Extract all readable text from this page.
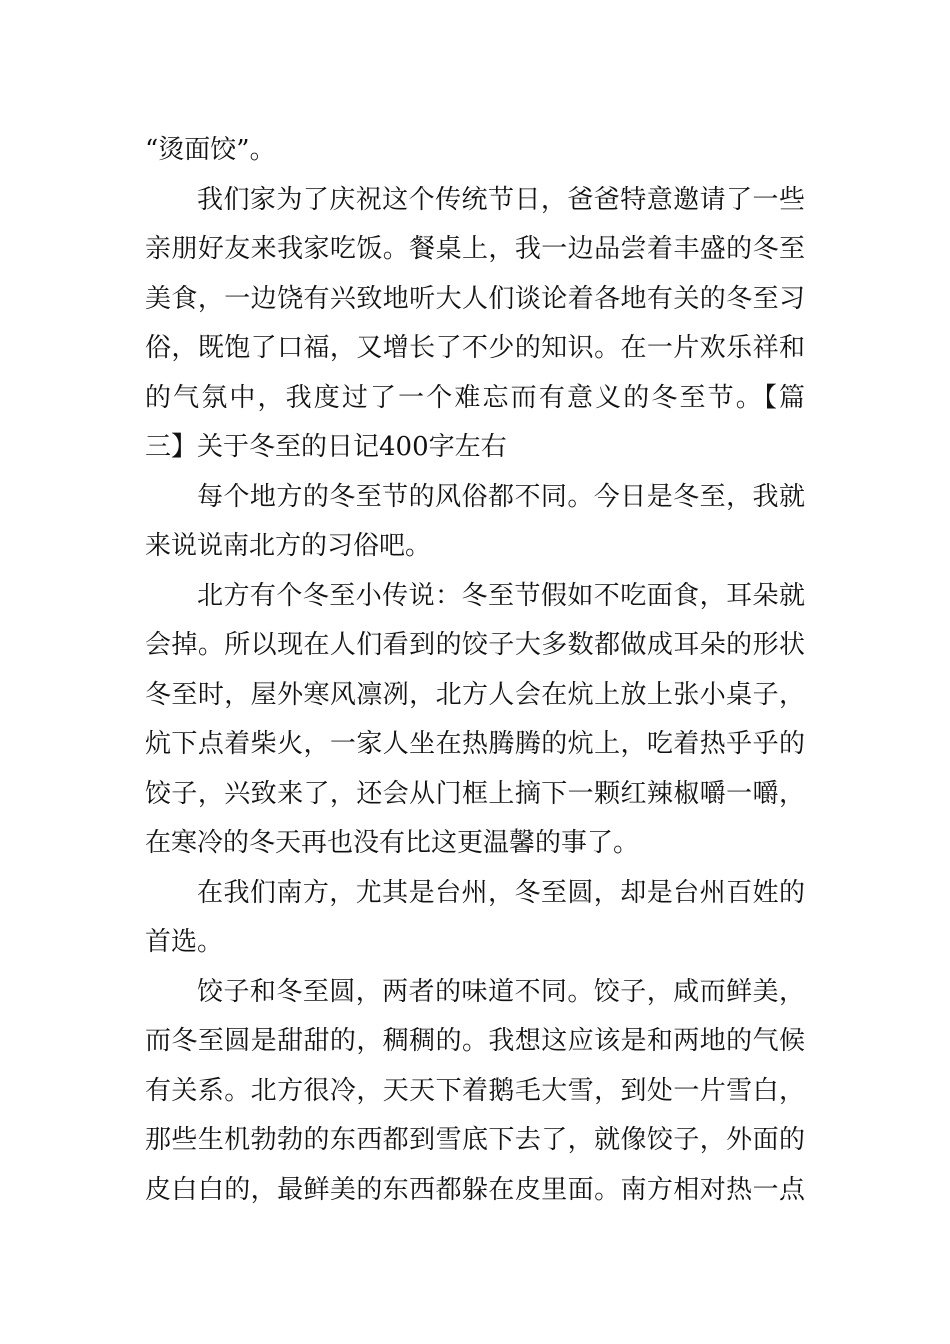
“烫面饺”。
我们家为了庆祝这个传统节日，爸爸特意邀请了一些
亲朋好友来我家吃饭。餐桌上，我一边品尝着丰盛的冬至
美食，一边饶有兴致地听大人们谈论着各地有关的冬至习
俗，既饱了口福，又增长了不少的知识。在一片欢乐祥和
的气氛中，我度过了一个难忘而有意义的冬至节。【篇
三】关于冬至的日记400字左右
每个地方的冬至节的风俗都不同。今日是冬至，我就
来说说南北方的习俗吧。
北方有个冬至小传说：冬至节假如不吃面食，耳朵就
会掉。所以现在人们看到的饺子大多数都做成耳朵的形状
冬至时，屋外寒风凛冽，北方人会在炕上放上张小桌子，
炕下点着柴火，一家人坐在热腾腾的炕上，吃着热乎乎的
饺子，兴致来了，还会从门框上摘下一颗红辣椒嚼一嚼，
在寒冷的冬天再也没有比这更温馨的事了。
在我们南方，尤其是台州，冬至圆，却是台州百姓的
首选。
饺子和冬至圆，两者的味道不同。饺子，咸而鲜美，
而冬至圆是甜甜的，稠稠的。我想这应该是和两地的气候
有关系。北方很冷，天天下着鹅毛大雪，到处一片雪白，
那些生机勃勃的东西都到雪底下去了，就像饺子，外面的
皮白白的，最鲜美的东西都躲在皮里面。南方相对热一点
